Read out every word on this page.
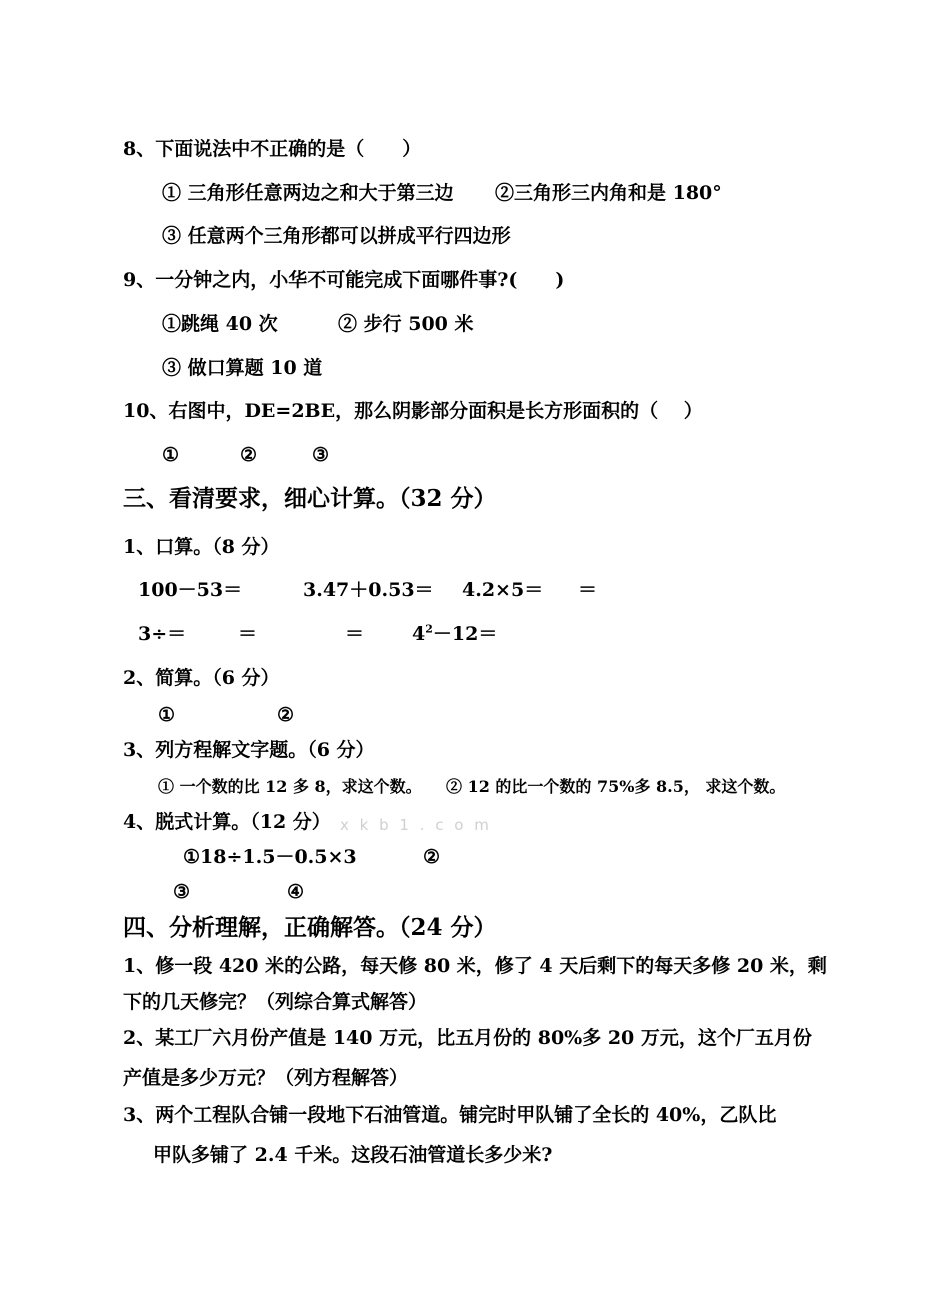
8、下面说法中不正确的是（　　）
① 三角形任意两边之和大于第三边 ②三角形三内角和是 180°
③ 任意两个三角形都可以拼成平行四边形
9、一分钟之内，小华不可能完成下面哪件事?(　　)
①跳绳 40 次	② 步行 500 米
③ 做口算题 10 道
10、右图中，DE=2BE，那么阴影部分面积是长方形面积的（　 ）
①	②	③
三、看清要求，细心计算。（32 分）
1、口算。（8 分）
100－53＝	3.47＋0.53＝ 4.2×5＝ ＝
3÷＝	＝	＝	$4^2-12=$
2、简算。（6 分）
①	②
3、列方程解文字题。（6 分）
① 一个数的比 12 多 8，求这个数。 ② 12 的比一个数的 75%多 8.5， 求这个数。
4、脱式计算。（12 分） x k b 1 . c o m
①18÷1.5－0.5×3	②
③	④
四、分析理解，正确解答。（24 分）
1、修一段 420 米的公路，每天修 80 米，修了 4 天后剩下的每天多修 20 米，剩
下的几天修完？（列综合算式解答）
2、某工厂六月份产值是 140 万元，比五月份的 80%多 20 万元，这个厂五月份
产值是多少万元？（列方程解答）
3、两个工程队合铺一段地下石油管道。铺完时甲队铺了全长的 40%，乙队比
甲队多铺了 2.4 千米。这段石油管道长多少米?
